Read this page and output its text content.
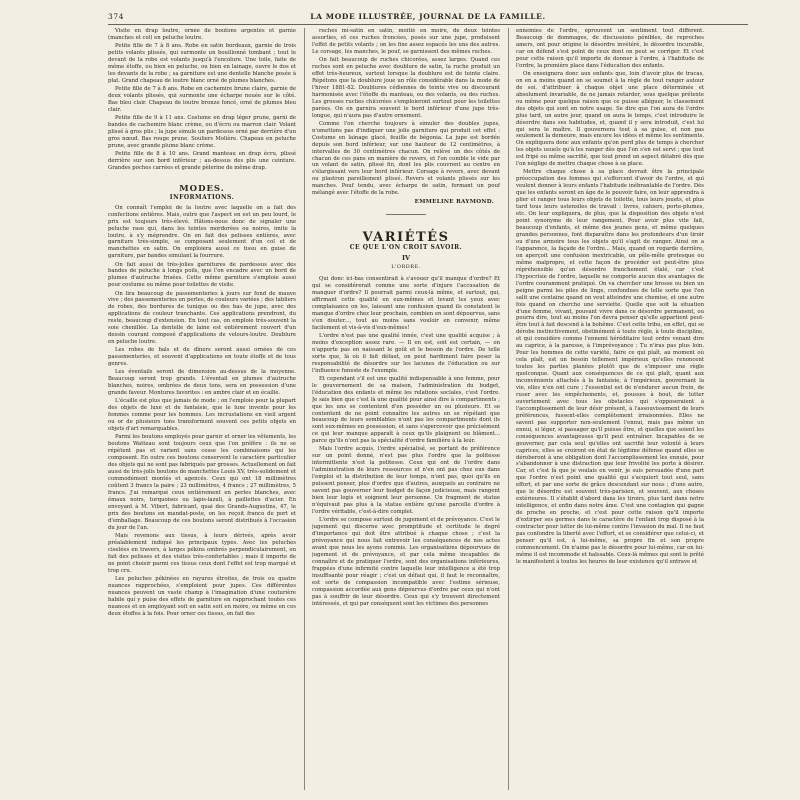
374	LA MODE ILLUSTRÉE, JOURNAL DE LA FAMILLE.

Visite en drap loutre, ornée de boutons argentés et garnie (manches et col) en peluche loutre.

Petite fille de 7 à 8 ans. Robe en satin bordeaux, garnie de trois petits volants plissés, qui surmonte un bouillonné tombant ; tout le devant de la robe est volants jusqu'à l'encolure. Une toile, faite de même étoffe, ou bien en peluche, ou bien en lainage, ouvre le dos et les devants de la robe ; sa garniture est une dentelle blanche posée à plat. Grand chapeau de loutre blanc orné de plumes blanches.

Petite fille de 7 à 8 ans. Robe en cachemire brune claire, garnie de deux volants plissés, qui surmonte une écharpe nouée sur le côté. Bas bleu clair. Chapeau de loutre bronze foncé, orné de plumes bleu clair.

Petite fille de 9 à 11 ans. Costume en drap léger prune, garni de bandes de cachemire blanc crème, ou d'écru ou marron clair. Volant plissé à gros plis ; la jupe simule un pardessus orné par derrière d'un gros nœud. Bas rouge prune. Souliers Molière. Chapeau en peluche prune, avec grande plume blanc crème.

Petite fille de 8 à 10 ans. Grand manteau en drap écru, plissé derrière sur son bord inférieur ; au-dessus des plis une ceinture. Grandes poches carrées et grande pèlerine de même drap.

MODES.
INFORMATIONS.

On connaît l'emploi de la loutre avec laquelle on a fait des confections entières. Mais, outre que l'aspect en est un peu lourd, le prix est toujours très-élevé. Hâtons-nous donc de signaler une peluche rase qui, dans les teintes mordorées ou noires, imite la loutre, à s'y méprendre. On en fait des pelisses entières, avec garniture très-simple, se composant seulement d'un col et de manchettes en satin. On emploiera aussi ce tissu en guise de garniture, par bandes simulant la fourrure.

On fait aussi de très-jolies garnitures de pardessus avec des bandes de peluche à longs poils, que l'on encadre avec un bord de plumes d'autruche frisées. Cette même garniture s'emploie aussi pour costume ou même pour toilettes de visite.

On lira beaucoup de passementeries à jours sur fond de mauve vive ; des passementeries en perles, de couleurs variées ; des tabliers de robes, des bordures de tunique ou des bas de jupe, avec des applications de couleur tranchante. Ces applications prendront, du reste, beaucoup d'extension. En tout cas, on emploie très-souvent la soie chenillée. La dentelle de laine est entièrement couvert d'un dessin courant composé d'applications de velours-loutre. Doublure en peluche loutre.

Les robes de bals et de dîners seront aussi ornées de ces passementeries, et souvent d'applications en toute étoffe et de tous genres.

Les éventails seront de dimension au-dessus de la moyenne. Beaucoup seront trop grands. L'éventail en plumes d'autruche blanches, noires, ombrées de deux tons, sera en possession d'une grande faveur. Montures favorites : en ambre clair et en écaille.

L'écaille est plus que jamais de mode ; on l'emploie pour la plupart des objets de luxe et de fantaisie, que le luxe invente pour les femmes comme pour les hommes. Les incrustations en vieil argent ou or de plusieurs tons transforment souvent ces petits objets en objets d'art remarquables.

Parmi les boutons employés pour garnir et orner les vêtements, les boutons Watteau sont toujours ceux que l'on préfère : ils ne se répètent pas et varient sans cesse les combinaisons qui les composent. En outre ces boutons conservent le caractère particulier des objets qui ne sont pas fabriqués par grosses. Actuellement on fait aussi de très-jolis boutons de manchettes Louis XV, très-solidement et commodément montés et agencés. Ceux qui ont 18 millimètres coûtent 3 francs la paire ; 23 millimètres, 4 francs ; 27 millimètres, 5 francs. J'ai remarqué ceux entièrement en perles blanches, avec émaux noirs, turquoises ou lapis-lazuli, à paillettes d'acier. En envoyant à M. Vibert, fabricant, quai des Grands-Augustins, 47, le prix des boutons en mandat-poste, on les reçoit franco de port et d'emballage. Beaucoup de ces boutons seront distribués à l'occasion du jour de l'an.

Mais revenons aux tissus, à leurs dérivés, après avoir préalablement indiqué les principaux types. Avec les peluches ciselées en travers, à larges pékins ombrés perpendiculairement, on fait des pelisses et des visites très-confortables ; mais il importe de ne point choisir parmi ces tissus ceux dont l'effet est trop marqué et trop cru.

Les peluches pékinées en rayures étroites, de trois ou quatre nuances rapprochées, s'emploient pour jupes. Ces différentes nuances peuvent un vaste champ à l'imagination d'une couturière habile qui y puise des effets de garniture en rapprochant toutes ces nuances et en employant soit en satin soit en moire, ou même en ces deux étoffes à la fois. Pour orner ces tissus, on fait des

ruches mi-satin en satin, moitié en moire, de deux teintes assorties, et ces ruches froncées, posés sur une jupe, produisent l'effet de petits volants ; on les fixe assez espacés les uns des autres. Le corsage, les manches, le pouf, se garnissent des mêmes ruches.

On fait beaucoup de ruches chicorées, assez larges. Quand ces ruches sont en peluche avec doublure de satin, la ruche produit un effet très-heureux, surtout lorsque la doublure est de teinte claire. Répétons que la doublure joue un rôle considérable dans la mode de l'hiver 1881-82. Doublures cédiennes de teinte vive ou discourant harmonisée avec l'étoffe du manteau, ou des volants, ou des ruches. Les grosses ruches chicorées s'emploieront surtout pour les toilettes parées. On en garnira souvent le bord inférieur d'une jupe très-longue, qui n'aura pas d'autre ornement.

Comme l'on cherche toujours à simuler des doubles jupes, n'omettons pas d'indiquer une jolie garniture qui produit cet effet : Costume en lainage glacé, feuille de bégonia. La jupe est bordée depuis son bord inférieur, sur une hauteur de 12 centimètres, à intervalles de 30 centimètres chacun. On relève un des côtés de chacun de ces pans en manière de revers, et l'on comble le vide par un volant de satin, plissé fin, dont les plis couvrent au centre en s'élargissant vers leur bord inférieur. Corsage à revers, avec devant ou plastron pareillement plissé. Revers et volants plissés sur les manches. Pouf tendu, avec écharpe de satin, formant un pouf mélangé avec l'étoffe de la robe.

EMMELINE RAYMOND.
VARIÉTÉS
CE QUE L'ON CROIT SAVOIR.
IV
L'ORDRE.

Qui donc ici-bas consentirait à s'avouer qu'il manque d'ordre? Et qui se considérerait comme une sorte d'injure l'accusation de manquer d'ordre? Il pourrait parmi ceux-là même, et surtout, qui, affirmant cette qualité en eux-mêmes et levant les yeux avec complaisance on les, laissant une confusion quand ils constatent le manque d'ordre chez leur prochain, combien en sont dépourvus, sans s'en douter..., tout au moins sans vouloir en convenir, même facilement et vis-à-vis d'eux-mêmes!

L'ordre n'est pas une qualité innée, c'est une qualité acquise ; à moins d'exception assez rare. — Il en est, soit est certain, — on n'apporte pas en naissant le goût et le besoin de l'ordre. De telle sorte que, là où il fait défaut, on peut hardiment faire peser la responsabilité de désordre sur les lacunes de l'éducation ou sur l'influence funeste de l'exemple.

Et cependant s'il est une qualité indispensable à une femme, pour le gouvernement de sa maison, l'administration du budget, l'éducation des enfants et même les relations sociales, c'est l'ordre. Je sais bien que c'est là une qualité pour ainsi dire à compartiments ; que les uns se contentent d'en posséder un ou plusieurs. Et se contentent de ne point connaître les autres en se répétant que beaucoup de leurs semblables n'ont pas les compartiments dont ils sont eux-mêmes en possession, et sans s'apercevoir que précisément ce qui leur manque apparaît à ceux qu'ils plaignent ou blâment... parce qu'ils n'ont pas la spécialité d'ordre familière à la leur.

Mais l'ordre acquis, l'ordre spécialisé, se portant de préférence sur un point donné, n'est pas plus l'ordre que la politesse intermittente n'est la politesse. Ceux qui ont de l'ordre dans l'administration de leurs ressources et n'en ont pas chez eux dans l'emploi et la distribution de leur temps, n'ont pas, quoi qu'ils en puissent penser, plus d'ordre que d'autres, auxquels au contraire ne savent pas gouverner leur budget de façon judicieuse, mais rangent bien leur logis et soignent leur personne. Un fragment de statue n'équivaut pas plus à la statue entière qu'une parcelle d'ordre à l'ordre véritable, c'est-à-dire complet.

L'ordre se compose surtout de jugement et de prévoyance. C'est le jugement qui discerne avec promptitude et certitude le degré d'importance qui doit être attribué à chaque chose ; c'est la prévoyance qui nous fait entrevoir les conséquences de nos actes avant que nous les ayons commis. Les organisations dépourvues de jugement et de prévoyance, et par cela même incapables de connaître et de pratiquer l'ordre, sont des organisations inférieures, frappées d'une infirmité contre laquelle leur intelligence a été trop insuffisante pour réagir ; c'est un défaut qui, il faut le reconnaître, est sorte de compassion incompatible avec l'estime sérieuse, compassion accordée aux gens dépourvus d'ordre par ceux qui n'ont pas à souffrir de leur désordre. Ceux qui s'y trouvent directement intéressés, et qui par conséquent sont les victimes des personnes

ennemies de l'ordre, éprouvent un sentiment tout différent. Beaucoup de dommages, de discussions pénibles, de reproches amers, ont pour origine le désordre invétéré, le désordre incurable, car on défend s'est point de ceux dont on peut se corriger. Et c'est pour cette raison qu'il importe de donner à l'ordre, à l'habitude de l'ordre, la première place dans l'éducation des enfants.

On enseignera donc aux enfants que, loin d'avoir plus de tracas, on en a moins quand on se soumet à la règle de tout ranger autour de soi, d'attribuer à chaque objet une place déterminée et absolument invariable, de ne jamais retarder, sous quelque prétexte ou même pour quelque raison que ce puisse alléguer, le classement des objets qui sont en notre usage. Se dire que l'on aura de l'ordre plus tard, un autre jour, quand on aura le temps, c'est introduire le désordre dans ses habitudes, et, quand il y sera introduit, c'est lui qui sera le maître. Il gouvernera tout à sa guise, et non pas seulement la demeure, mais encore les idées et même les sentiments. On expliquera donc aux enfants qu'on perd plus de temps à chercher les objets usuels qu'à les ranger dès que l'on s'en est servi ; que tout est fripé ou même sacrifié, que tout prend un aspect délabré dès que l'on néglige de mettre chaque chose à sa place.

Mettre chaque chose à sa place devrait être la principale préoccupation des femmes qui s'efforcent d'avoir de l'ordre, et qui veulent donner à leurs enfants l'habitude inébranlable de l'ordre. Dès que les enfants seront en âge de le pouvoir faire, on leur apprendra à plier et ranger tous leurs objets de toilette, tous leurs jouets, et plus tard tous leurs ustensiles de travail : livres, cahiers, porte-plumes, etc. On leur expliquera, de plus, que la disposition des objets n'est point synonyme de leur rangement. Pour avoir plus vite fait, beaucoup d'enfants, et même des jeunes gens, et même quelques grandes personnes, font disparaître dans les profondeurs d'un tiroir ou d'une armoire tous les objets qu'il s'agit de ranger. Ainsi on a l'apparence, la façade de l'ordre... Mais, quand on regarde derrière, on aperçoit une confusion inextricable, un pêle-mêle grotesque ou même malpropre, et cette façon de procéder est peut-être plus répréhensible qu'un désordre franchement étalé, car c'est l'hypocrisie de l'ordre, laquelle ne comporte aucun des avantages de l'ordre couramment pratiqué. On va chercher une brosse ou bien un peigne parmi les piles de linge, confondues de telle sorte que l'on salit une centaine quand on veut atteindre une chemise, et une autre fois quand on cherche une serviette. Quelle que soit la situation d'une femme, vivant, pouvant vivre dans ce désordre permanent, ou pourra dire, tout au moins l'on devra penser qu'elle appartient peut-être tout à fait descend à la bohême. C'est cette tribu, en effet, qui se dérobe instinctivement, obstinément à toute règle, à toute discipline, et qui considère comme l'ennemi héréditaire tout ordre venant dire au caprice, à la paresse, à l'imprévoyance : Tu n'iras pas plus loin. Pour les hommes de cette variété, faire ce qui plaît, au moment où cela plaît, est un besoin tellement impérieux qu'elles renoncent toutes les parties planées plutôt que de s'imposer une règle quelconque. Quant aux conséquences de ce qui plaît, quant aux inconvénients attachés à la fantaisie, à l'impérieux, gouvernant la vie, elles n'en ont cure ; l'essentiel est de n'endurer aucun frein, de ruser avec les empêchements, et, pousses à bout, de lutter ouvertement avec tous les obstacles qui s'opposeraient à l'accomplissement de leur désir présent, à l'assouvissement de leurs préférences, fussent-elles complètement irraisonnées. Elles ne savent pas supporter non-seulement l'ennui, mais pas même un ennui, si léger, si passager qu'il puisse être, et quelles que soient les conséquences avantageuses qu'il peut entraîner. Incapables de se gouverner, par cela seul qu'elles ont sacrifié leur volonté à leurs caprices, elles se croiront en état de légitime défense quand elles se déroberont à une obligation dont l'accomplissement les ennuie, pour s'abandonner à une distraction que leur frivolité les porte à désirer. Car, et c'est là que je voulais en venir, je suis persuadée d'une part que l'ordre n'est point une qualité qui s'acquiert tout seul, sans effort, et par une sorte de grâce descendant sur nous ; d'une autre, que le désordre est souvent très-parisien, et souvent, aux choses extérieures. Il s'établit d'abord dans les tiroirs, plus tard dans notre intelligence, et enfin dans notre âme. C'est une contagion qui gagne de proche en proche, et c'est pour cette raison qu'il importe d'extirper ses germes dans le caractère de l'enfant trop disposé à la contracter pour lutter de lui-même contre l'invasion du mal. Il ne faut pas confondre la liberté avec l'effort, et se considérer que celui-ci, et penser qu'il est, à lui-même, sa propre fin et son propre commencement. On n'aime pas le désordre pour lui-même, car on lui-même il est incommode et haïssable. Ceux-là mêmes qui sont le prêté le manifestent à toutes les heures de leur existence qu'il entrave et
